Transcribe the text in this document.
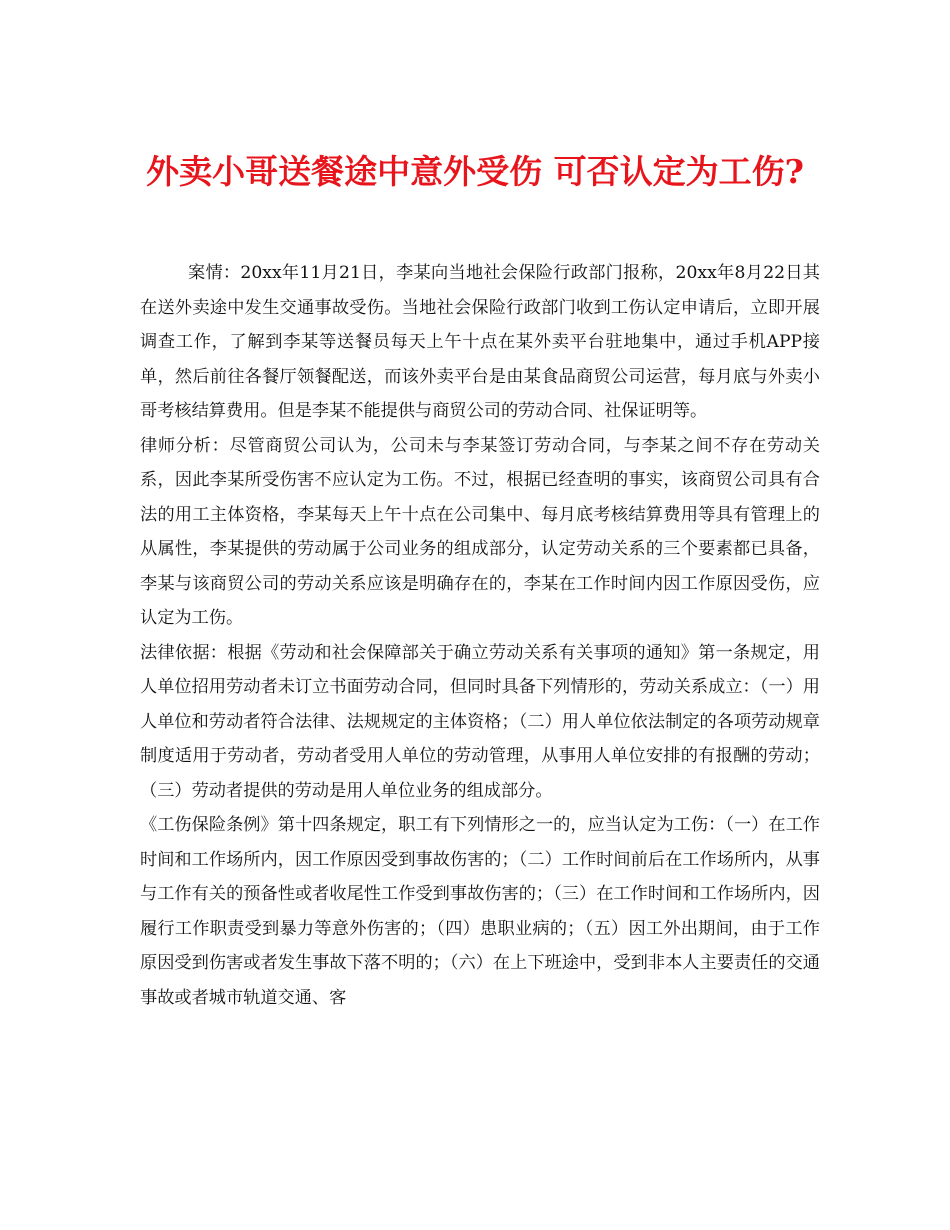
外卖小哥送餐途中意外受伤 可否认定为工伤?

案情：20xx年11月21日，李某向当地社会保险行政部门报称，20xx年8月22日其在送外卖途中发生交通事故受伤。当地社会保险行政部门收到工伤认定申请后，立即开展调查工作，了解到李某等送餐员每天上午十点在某外卖平台驻地集中，通过手机APP接单，然后前往各餐厅领餐配送，而该外卖平台是由某食品商贸公司运营，每月底与外卖小哥考核结算费用。但是李某不能提供与商贸公司的劳动合同、社保证明等。

律师分析：尽管商贸公司认为，公司未与李某签订劳动合同，与李某之间不存在劳动关系，因此李某所受伤害不应认定为工伤。不过，根据已经查明的事实，该商贸公司具有合法的用工主体资格，李某每天上午十点在公司集中、每月底考核结算费用等具有管理上的从属性，李某提供的劳动属于公司业务的组成部分，认定劳动关系的三个要素都已具备，李某与该商贸公司的劳动关系应该是明确存在的，李某在工作时间内因工作原因受伤，应认定为工伤。

法律依据：根据《劳动和社会保障部关于确立劳动关系有关事项的通知》第一条规定，用人单位招用劳动者未订立书面劳动合同，但同时具备下列情形的，劳动关系成立：（一）用人单位和劳动者符合法律、法规规定的主体资格；（二）用人单位依法制定的各项劳动规章制度适用于劳动者，劳动者受用人单位的劳动管理，从事用人单位安排的有报酬的劳动；（三）劳动者提供的劳动是用人单位业务的组成部分。

《工伤保险条例》第十四条规定，职工有下列情形之一的，应当认定为工伤：（一）在工作时间和工作场所内，因工作原因受到事故伤害的；（二）工作时间前后在工作场所内，从事与工作有关的预备性或者收尾性工作受到事故伤害的；（三）在工作时间和工作场所内，因履行工作职责受到暴力等意外伤害的；（四）患职业病的；（五）因工外出期间，由于工作原因受到伤害或者发生事故下落不明的；（六）在上下班途中，受到非本人主要责任的交通事故或者城市轨道交通、客
